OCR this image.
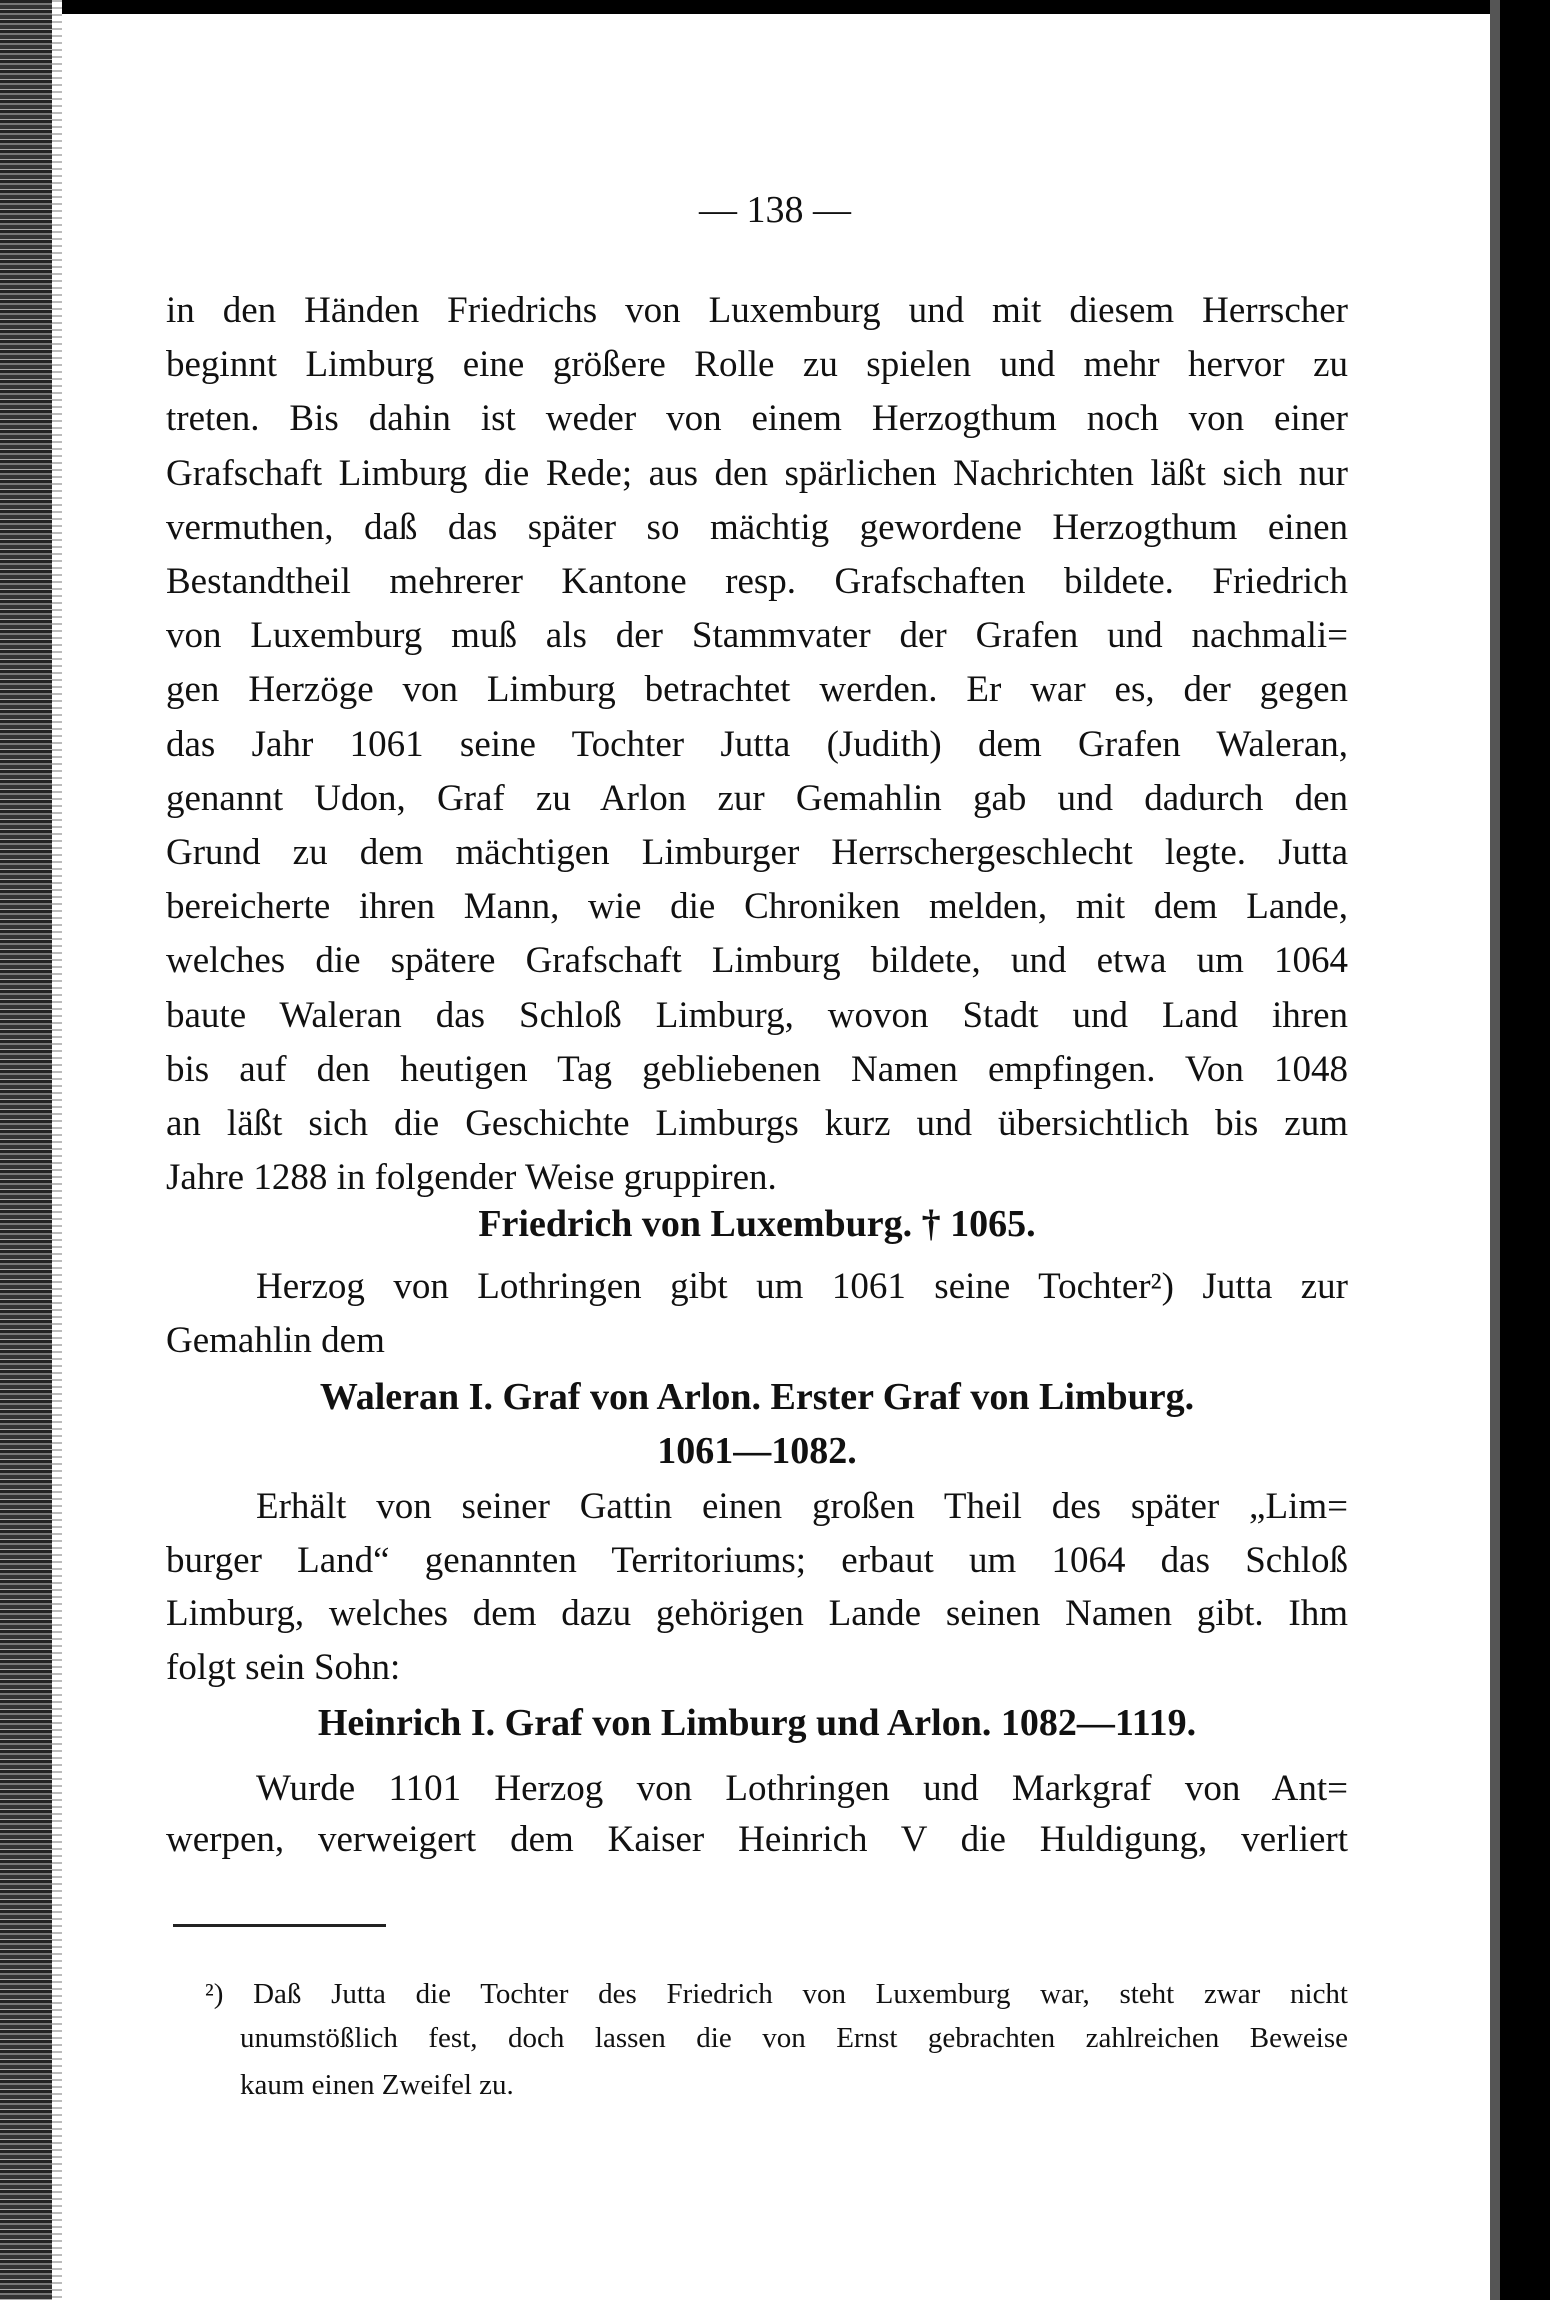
— 138 —
in den Händen Friedrichs von Luxemburg und mit diesem Herrscher
beginnt Limburg eine größere Rolle zu spielen und mehr hervor zu
treten. Bis dahin ist weder von einem Herzogthum noch von einer
Grafschaft Limburg die Rede; aus den spärlichen Nachrichten läßt sich nur
vermuthen, daß das später so mächtig gewordene Herzogthum einen
Bestandtheil mehrerer Kantone resp. Grafschaften bildete. Friedrich
von Luxemburg muß als der Stammvater der Grafen und nachmali=
gen Herzöge von Limburg betrachtet werden. Er war es, der gegen
das Jahr 1061 seine Tochter Jutta (Judith) dem Grafen Waleran,
genannt Udon, Graf zu Arlon zur Gemahlin gab und dadurch den
Grund zu dem mächtigen Limburger Herrschergeschlecht legte. Jutta
bereicherte ihren Mann, wie die Chroniken melden, mit dem Lande,
welches die spätere Grafschaft Limburg bildete, und etwa um 1064
baute Waleran das Schloß Limburg, wovon Stadt und Land ihren
bis auf den heutigen Tag gebliebenen Namen empfingen. Von 1048
an läßt sich die Geschichte Limburgs kurz und übersichtlich bis zum
Jahre 1288 in folgender Weise gruppiren.
Friedrich von Luxemburg. † 1065.
Herzog von Lothringen gibt um 1061 seine Tochter²) Jutta zur
Gemahlin dem
Waleran I. Graf von Arlon. Erster Graf von Limburg.
1061—1082.
Erhält von seiner Gattin einen großen Theil des später „Lim=
burger Land“ genannten Territoriums; erbaut um 1064 das Schloß
Limburg, welches dem dazu gehörigen Lande seinen Namen gibt. Ihm
folgt sein Sohn:
Heinrich I. Graf von Limburg und Arlon. 1082—1119.
Wurde 1101 Herzog von Lothringen und Markgraf von Ant=
werpen, verweigert dem Kaiser Heinrich V die Huldigung, verliert
²) Daß Jutta die Tochter des Friedrich von Luxemburg war, steht zwar nicht
unumstößlich fest, doch lassen die von Ernst gebrachten zahlreichen Beweise
kaum einen Zweifel zu.
